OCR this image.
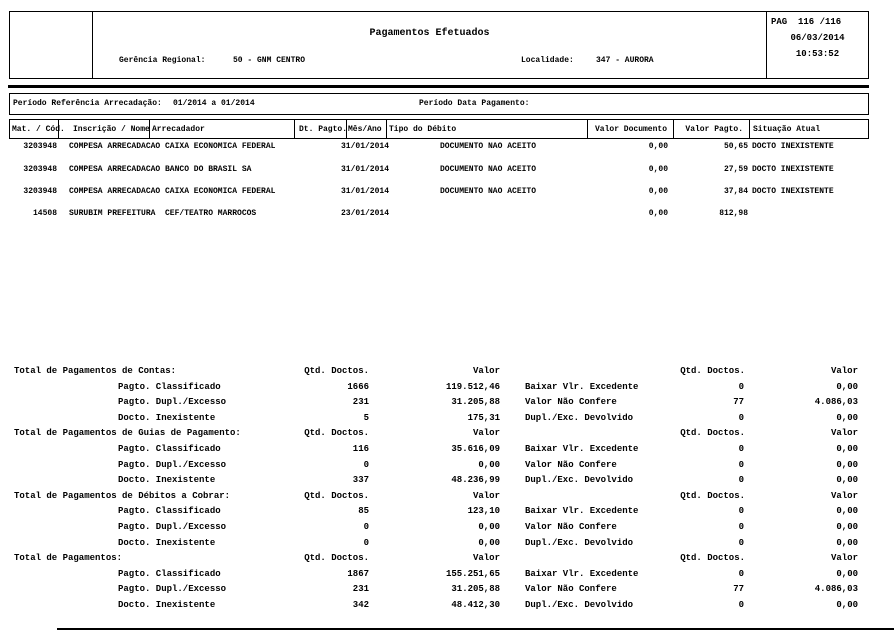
Pagamentos Efetuados
Gerência Regional:	50 - GNM CENTRO	Localidade:	347 - AURORA
PAG  116 /116
06/03/2014
10:53:52
Período Referência Arrecadação: 01/2014 a 01/2014	Período Data Pagamento:
Mat. / Cód. Inscrição / Nome Arrecadador	Dt. Pagto. Mês/Ano Tipo do Débito	Valor Documento Valor Pagto. Situação Atual
3203948 COMPESA ARRECADACAO CAIXA ECONOMICA FEDERAL	31/01/2014	DOCUMENTO NAO ACEITO	0,00	50,65 DOCTO INEXISTENTE
3203948 COMPESA ARRECADACAO BANCO DO BRASIL SA	31/01/2014	DOCUMENTO NAO ACEITO	0,00	27,59 DOCTO INEXISTENTE
3203948 COMPESA ARRECADACAO CAIXA ECONOMICA FEDERAL	31/01/2014	DOCUMENTO NAO ACEITO	0,00	37,84 DOCTO INEXISTENTE
14508 SURUBIM PREFEITURA CEF/TEATRO MARROCOS	23/01/2014	0,00	812,98
Total de Pagamentos de Contas:	Qtd. Doctos.	Valor	Qtd. Doctos.	Valor
Pagto. Classificado	1666	119.512,46	Baixar Vlr. Excedente	0	0,00
Pagto. Dupl./Excesso	231	31.205,88	Valor Não Confere	77	4.086,03
Docto. Inexistente	5	175,31	Dupl./Exc. Devolvido	0	0,00
Total de Pagamentos de Guias de Pagamento:	Qtd. Doctos.	Valor	Qtd. Doctos.	Valor
Pagto. Classificado	116	35.616,09	Baixar Vlr. Excedente	0	0,00
Pagto. Dupl./Excesso	0	0,00	Valor Não Confere	0	0,00
Docto. Inexistente	337	48.236,99	Dupl./Exc. Devolvido	0	0,00
Total de Pagamentos de Débitos a Cobrar:	Qtd. Doctos.	Valor	Qtd. Doctos.	Valor
Pagto. Classificado	85	123,10	Baixar Vlr. Excedente	0	0,00
Pagto. Dupl./Excesso	0	0,00	Valor Não Confere	0	0,00
Docto. Inexistente	0	0,00	Dupl./Exc. Devolvido	0	0,00
Total de Pagamentos:	Qtd. Doctos.	Valor	Qtd. Doctos.	Valor
Pagto. Classificado	1867	155.251,65	Baixar Vlr. Excedente	0	0,00
Pagto. Dupl./Excesso	231	31.205,88	Valor Não Confere	77	4.086,03
Docto. Inexistente	342	48.412,30	Dupl./Exc. Devolvido	0	0,00
